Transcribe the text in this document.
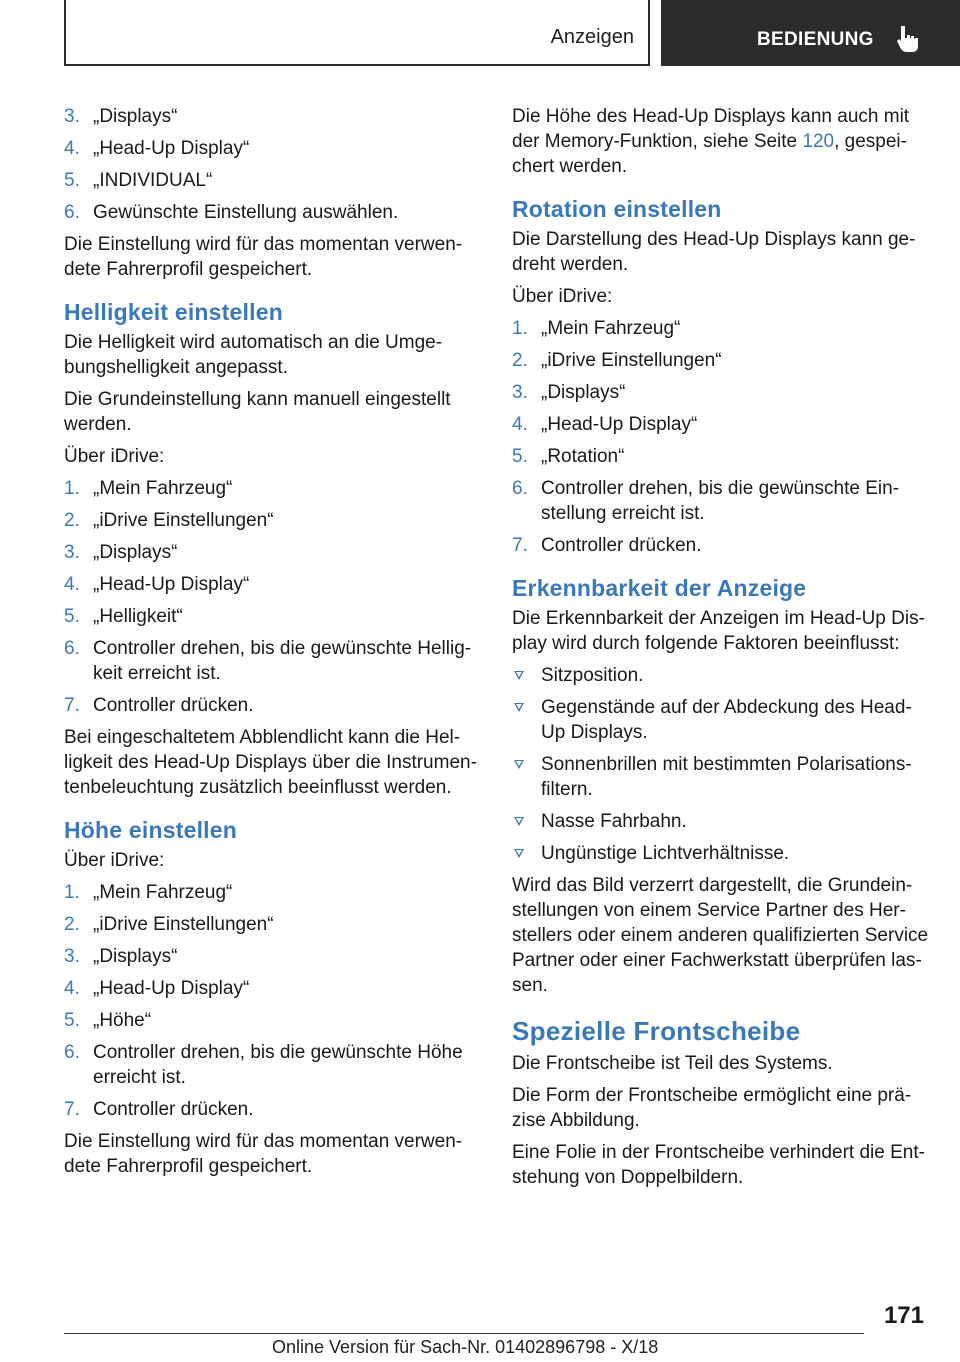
Anzeigen	BEDIENUNG
3. „Displays“
4. „Head-Up Display“
5. „INDIVIDUAL“
6. Gewünschte Einstellung auswählen.

Die Einstellung wird für das momentan verwendete Fahrerprofil gespeichert.

Helligkeit einstellen

Die Helligkeit wird automatisch an die Umgebungshelligkeit angepasst.

Die Grundeinstellung kann manuell eingestellt werden.

Über iDrive:

1. „Mein Fahrzeug“
2. „iDrive Einstellungen“
3. „Displays“
4. „Head-Up Display“
5. „Helligkeit“
6. Controller drehen, bis die gewünschte Helligkeit erreicht ist.
7. Controller drücken.

Bei eingeschaltetem Abblendlicht kann die Helligkeit des Head-Up Displays über die Instrumentenbeleuchtung zusätzlich beeinflusst werden.

Höhe einstellen

Über iDrive:

1. „Mein Fahrzeug“
2. „iDrive Einstellungen“
3. „Displays“
4. „Head-Up Display“
5. „Höhe“
6. Controller drehen, bis die gewünschte Höhe erreicht ist.
7. Controller drücken.

Die Einstellung wird für das momentan verwendete Fahrerprofil gespeichert.

Die Höhe des Head-Up Displays kann auch mit der Memory-Funktion, siehe Seite 120, gespeichert werden.

Rotation einstellen

Die Darstellung des Head-Up Displays kann gedreht werden.

Über iDrive:

1. „Mein Fahrzeug“
2. „iDrive Einstellungen“
3. „Displays“
4. „Head-Up Display“
5. „Rotation“
6. Controller drehen, bis die gewünschte Einstellung erreicht ist.
7. Controller drücken.
Erkennbarkeit der Anzeige

Die Erkennbarkeit der Anzeigen im Head-Up Display wird durch folgende Faktoren beeinflusst:

Sitzposition.
Gegenstände auf der Abdeckung des Head-Up Displays.
Sonnenbrillen mit bestimmten Polarisationsfiltern.
Nasse Fahrbahn.
Ungünstige Lichtverhältnisse.

Wird das Bild verzerrt dargestellt, die Grundeinstellungen von einem Service Partner des Herstellers oder einem anderen qualifizierten Service Partner oder einer Fachwerkstatt überprüfen lassen.

Spezielle Frontscheibe

Die Frontscheibe ist Teil des Systems.

Die Form der Frontscheibe ermöglicht eine präzise Abbildung.

Eine Folie in der Frontscheibe verhindert die Entstehung von Doppelbildern.

171
Online Version für Sach-Nr. 01402896798 - X/18
